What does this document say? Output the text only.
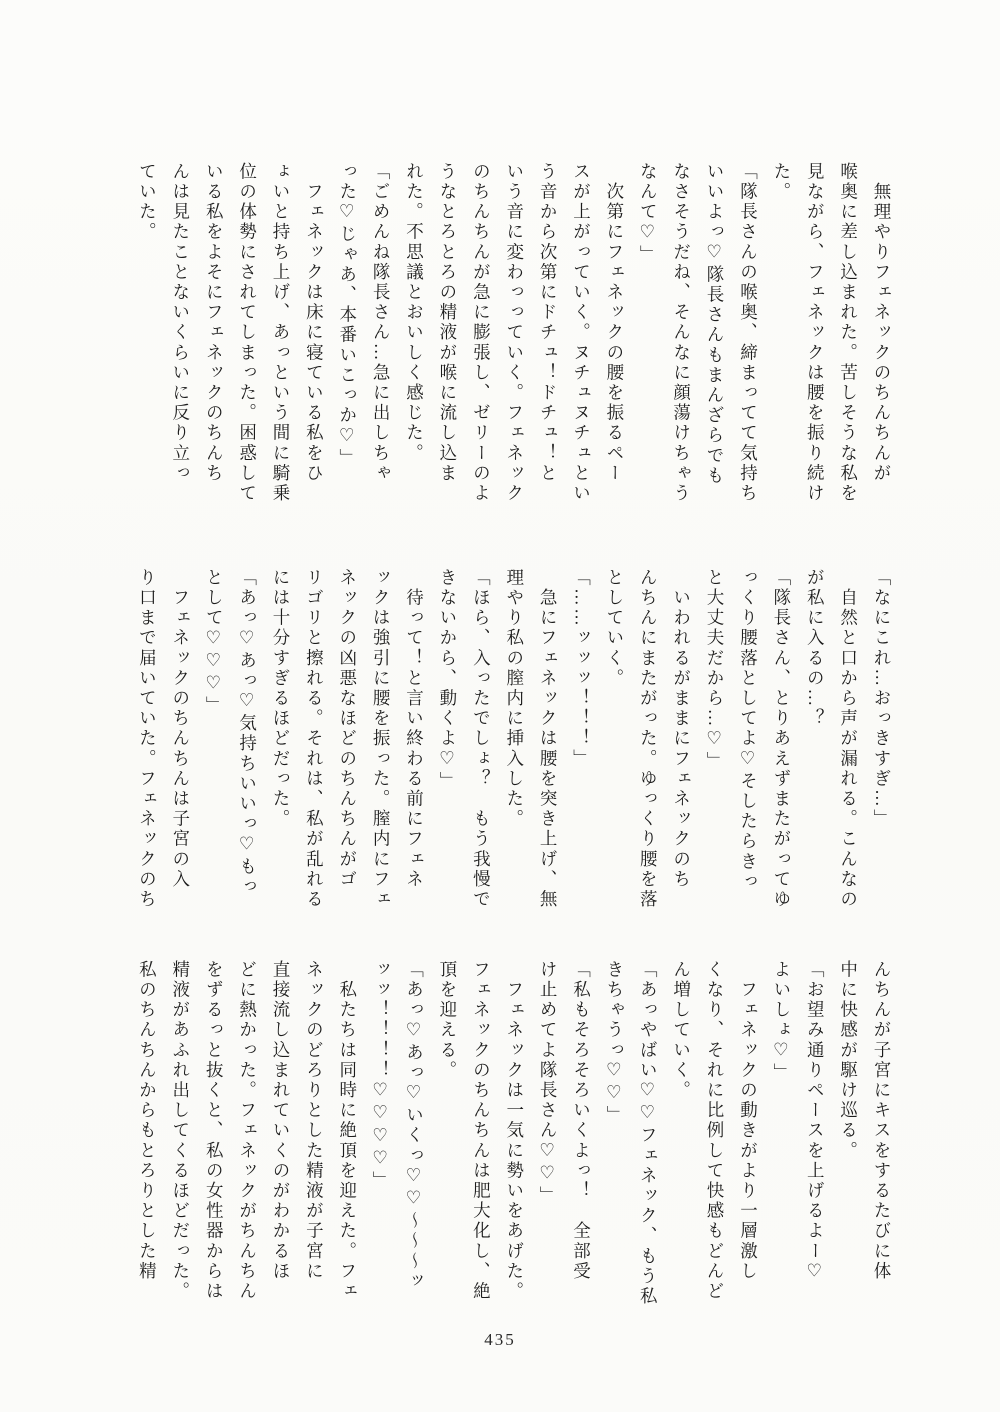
　無理やりフェネックのちんちんが
喉奥に差し込まれた。苦しそうな私を
見ながら、フェネックは腰を振り続け
た。
「隊長さんの喉奥、締まってて気持ち
いいよっ♡隊長さんもまんざらでも
なさそうだね、そんなに顔蕩けちゃう
なんて♡」
　次第にフェネックの腰を振るペー
スが上がっていく。ヌチュヌチュとい
う音から次第にドチュ！ドチュ！と
いう音に変わっっていく。フェネック
のちんちんが急に膨張し、ゼリーのよ
うなとろとろの精液が喉に流し込ま
れた。不思議とおいしく感じた。
「ごめんね隊長さん…急に出しちゃ
った♡じゃあ、本番いこっか♡」
　フェネックは床に寝ている私をひ
ょいと持ち上げ、あっという間に騎乗
位の体勢にされてしまった。困惑して
いる私をよそにフェネックのちんち
んは見たことないくらいに反り立っ
ていた。
「なにこれ…おっきすぎ…」
　自然と口から声が漏れる。こんなの
が私に入るの…？
「隊長さん、とりあえずまたがってゆ
っくり腰落としてよ♡そしたらきっ
と大丈夫だから…♡」
　いわれるがままにフェネックのち
んちんにまたがった。ゆっくり腰を落
としていく。
「……ッッッ！！！」
　急にフェネックは腰を突き上げ、無
理やり私の膣内に挿入した。
「ほら、入ったでしょ？　もう我慢で
きないから、動くよ♡」
　待って！と言い終わる前にフェネ
ックは強引に腰を振った。膣内にフェ
ネックの凶悪なほどのちんちんがゴ
リゴリと擦れる。それは、私が乱れる
には十分すぎるほどだった。
「あっ♡あっ♡気持ちいいっ♡もっ
として♡♡♡」
　フェネックのちんちんは子宮の入
り口まで届いていた。フェネックのち
んちんが子宮にキスをするたびに体
中に快感が駆け巡る。
「お望み通りペースを上げるよー♡
よいしょ♡」
　フェネックの動きがより一層激し
くなり、それに比例して快感もどんど
ん増していく。
「あっやばい♡♡フェネック、もう私
きちゃうっ♡♡」
「私もそろそろいくよっ！　全部受
け止めてよ隊長さん♡♡」
　フェネックは一気に勢いをあげた。
フェネックのちんちんは肥大化し、絶
頂を迎える。
「あっ♡あっ♡いくっ♡♡～～～ッ
ッッ！！！！♡♡♡♡」
　私たちは同時に絶頂を迎えた。フェ
ネックのどろりとした精液が子宮に
直接流し込まれていくのがわかるほ
どに熱かった。フェネックがちんちん
をずるっと抜くと、私の女性器からは
精液があふれ出してくるほどだった。
私のちんちんからもとろりとした精
435
